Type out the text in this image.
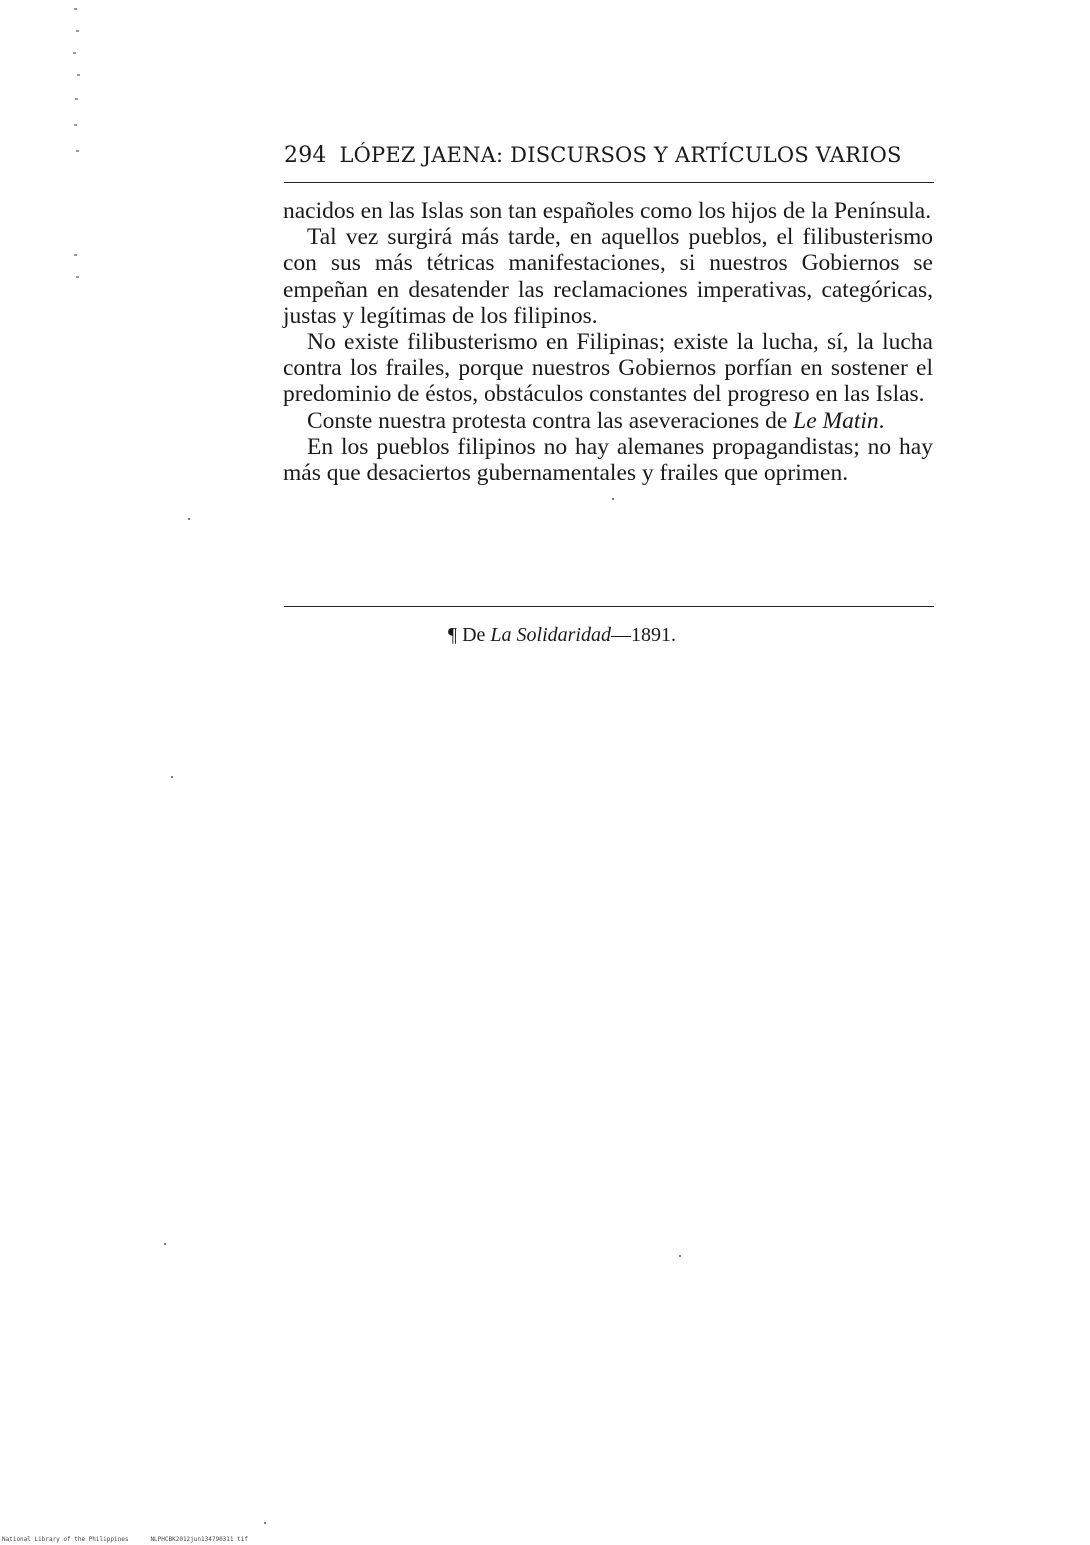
294 LÓPEZ JAENA: DISCURSOS Y ARTÍCULOS VARIOS

nacidos en las Islas son tan españoles como los hijos de la Península.

Tal vez surgirá más tarde, en aquellos pueblos, el filibusterismo con sus más tétricas manifestaciones, si nuestros Gobiernos se empeñan en desatender las reclamaciones imperativas, categóricas, justas y legítimas de los filipinos.

No existe filibusterismo en Filipinas; existe la lucha, sí, la lucha contra los frailes, porque nuestros Gobiernos porfían en sostener el predominio de éstos, obstáculos constantes del progreso en las Islas.

Conste nuestra protesta contra las aseveraciones de Le Matin.

En los pueblos filipinos no hay alemanes propagandistas; no hay más que desaciertos gubernamentales y frailes que oprimen.

¶ De La Solidaridad—1891.
National Library of the Philippines	NLPHCBK2012jun134790311 tif
